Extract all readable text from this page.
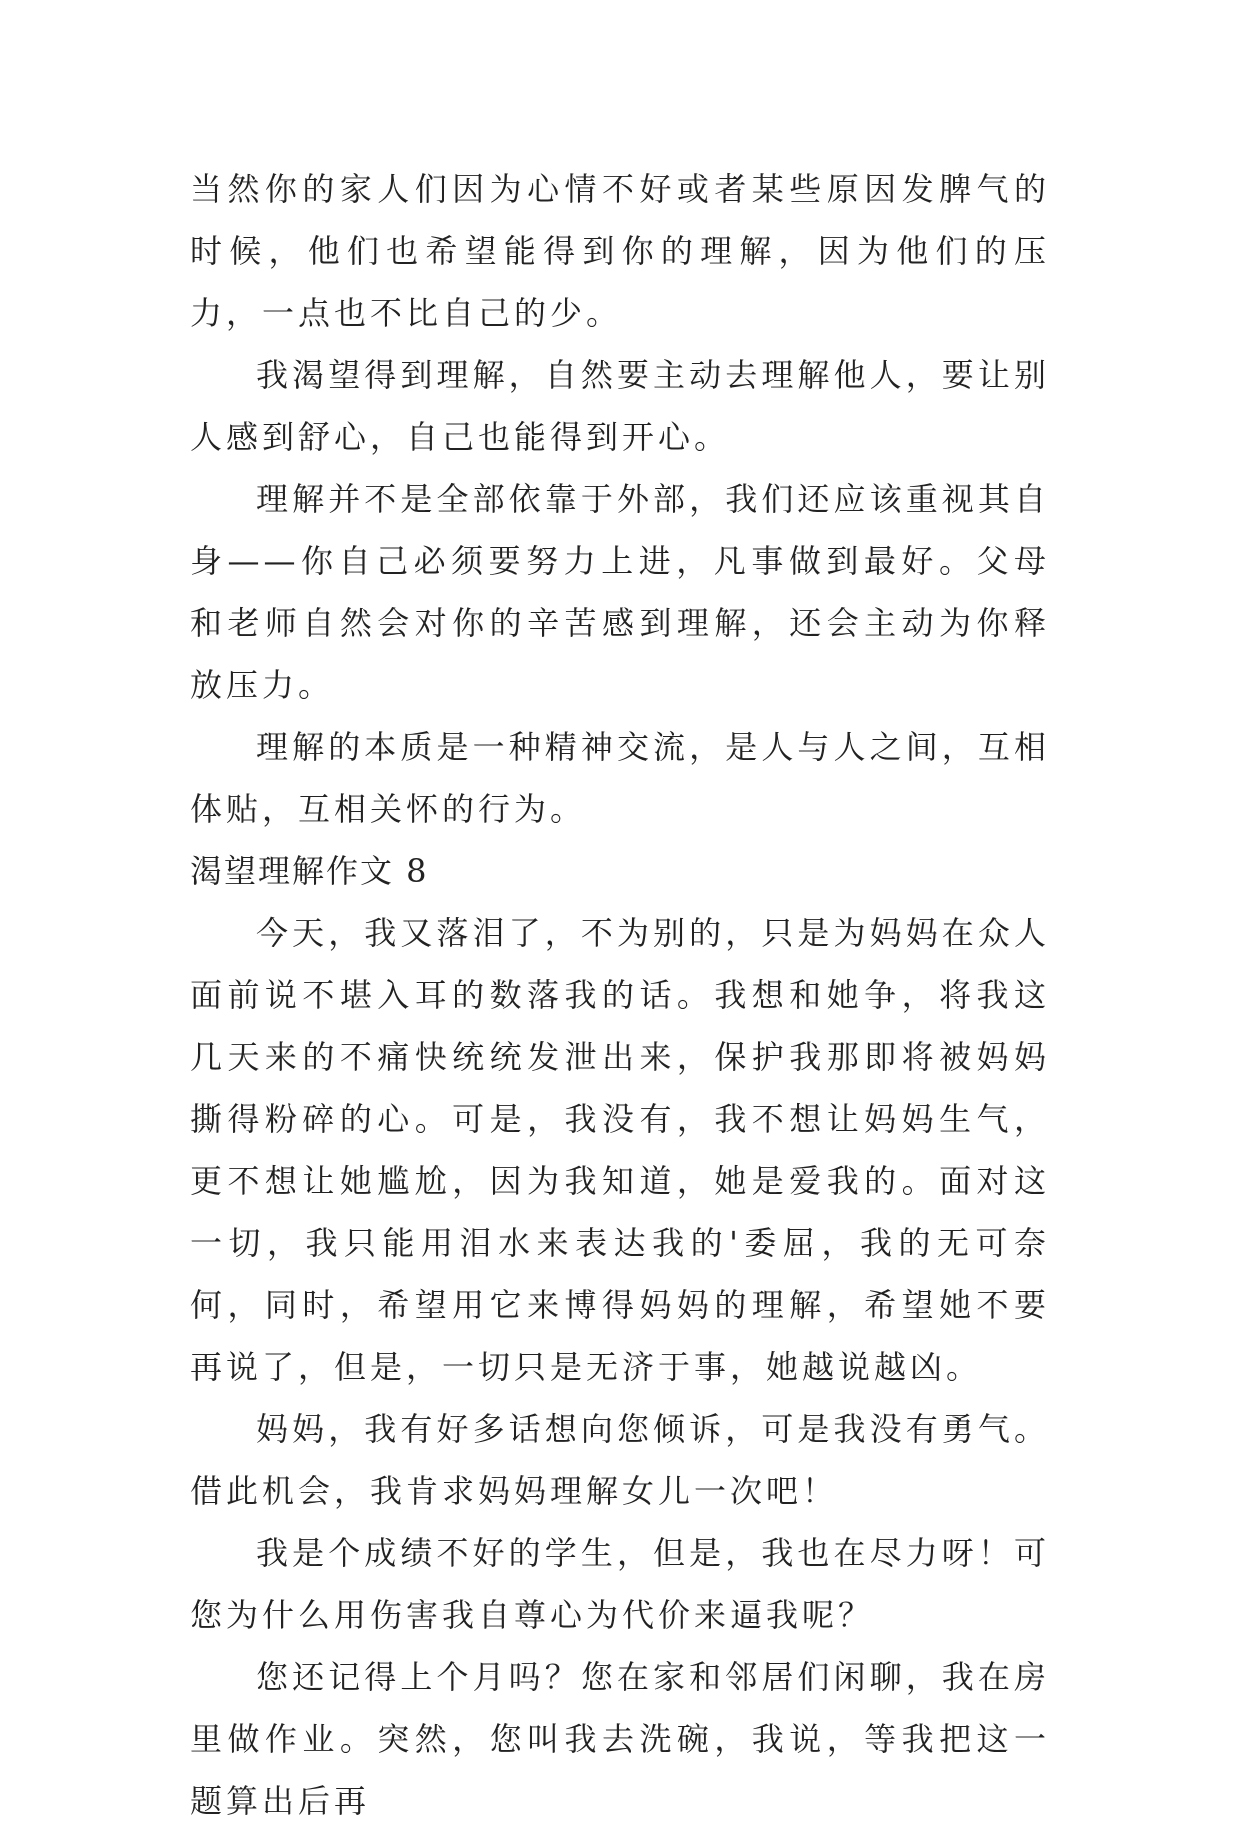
当然你的家人们因为心情不好或者某些原因发脾气的时候，他们也希望能得到你的理解，因为他们的压力，一点也不比自己的少。

我渴望得到理解，自然要主动去理解他人，要让别人感到舒心，自己也能得到开心。

理解并不是全部依靠于外部，我们还应该重视其自身——你自己必须要努力上进，凡事做到最好。父母和老师自然会对你的辛苦感到理解，还会主动为你释放压力。

理解的本质是一种精神交流，是人与人之间，互相体贴，互相关怀的行为。

渴望理解作文 8

今天，我又落泪了，不为别的，只是为妈妈在众人面前说不堪入耳的数落我的话。我想和她争，将我这几天来的不痛快统统发泄出来，保护我那即将被妈妈撕得粉碎的心。可是，我没有，我不想让妈妈生气，更不想让她尴尬，因为我知道，她是爱我的。面对这一切，我只能用泪水来表达我的'委屈，我的无可奈何，同时，希望用它来博得妈妈的理解，希望她不要再说了，但是，一切只是无济于事，她越说越凶。

妈妈，我有好多话想向您倾诉，可是我没有勇气。借此机会，我肯求妈妈理解女儿一次吧！

我是个成绩不好的学生，但是，我也在尽力呀！可您为什么用伤害我自尊心为代价来逼我呢？

您还记得上个月吗？您在家和邻居们闲聊，我在房里做作业。突然，您叫我去洗碗，我说，等我把这一题算出后再
